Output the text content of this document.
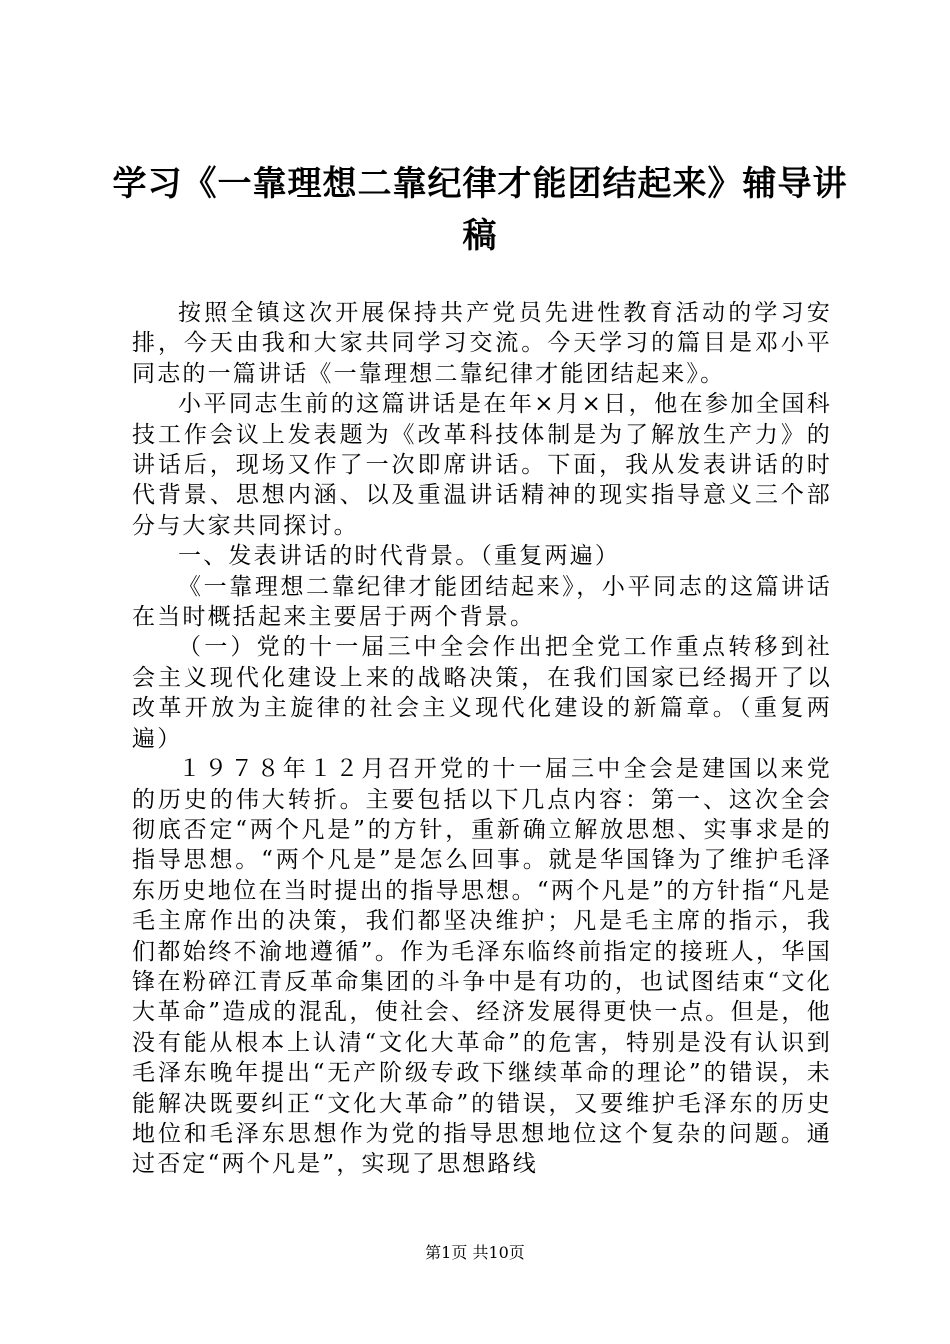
学习《一靠理想二靠纪律才能团结起来》辅导讲稿

按照全镇这次开展保持共产党员先进性教育活动的学习安排，今天由我和大家共同学习交流。今天学习的篇目是邓小平同志的一篇讲话《一靠理想二靠纪律才能团结起来》。

小平同志生前的这篇讲话是在年×月×日，他在参加全国科技工作会议上发表题为《改革科技体制是为了解放生产力》的讲话后，现场又作了一次即席讲话。下面，我从发表讲话的时代背景、思想内涵、以及重温讲话精神的现实指导意义三个部分与大家共同探讨。

一、发表讲话的时代背景。（重复两遍）

《一靠理想二靠纪律才能团结起来》，小平同志的这篇讲话在当时概括起来主要居于两个背景。

（一）党的十一届三中全会作出把全党工作重点转移到社会主义现代化建设上来的战略决策，在我们国家已经揭开了以改革开放为主旋律的社会主义现代化建设的新篇章。（重复两遍）

１９７８年１２月召开党的十一届三中全会是建国以来党的历史的伟大转折。主要包括以下几点内容：第一、这次全会彻底否定“两个凡是”的方针，重新确立解放思想、实事求是的指导思想。“两个凡是”是怎么回事。就是华国锋为了维护毛泽东历史地位在当时提出的指导思想。“两个凡是”的方针指“凡是毛主席作出的决策，我们都坚决维护；凡是毛主席的指示，我们都始终不渝地遵循”。作为毛泽东临终前指定的接班人，华国锋在粉碎江青反革命集团的斗争中是有功的，也试图结束“文化大革命”造成的混乱，使社会、经济发展得更快一点。但是，他没有能从根本上认清“文化大革命”的危害，特别是没有认识到毛泽东晚年提出“无产阶级专政下继续革命的理论”的错误，未能解决既要纠正“文化大革命”的错误，又要维护毛泽东的历史地位和毛泽东思想作为党的指导思想地位这个复杂的问题。通过否定“两个凡是”，实现了思想路线

第1页 共10页
